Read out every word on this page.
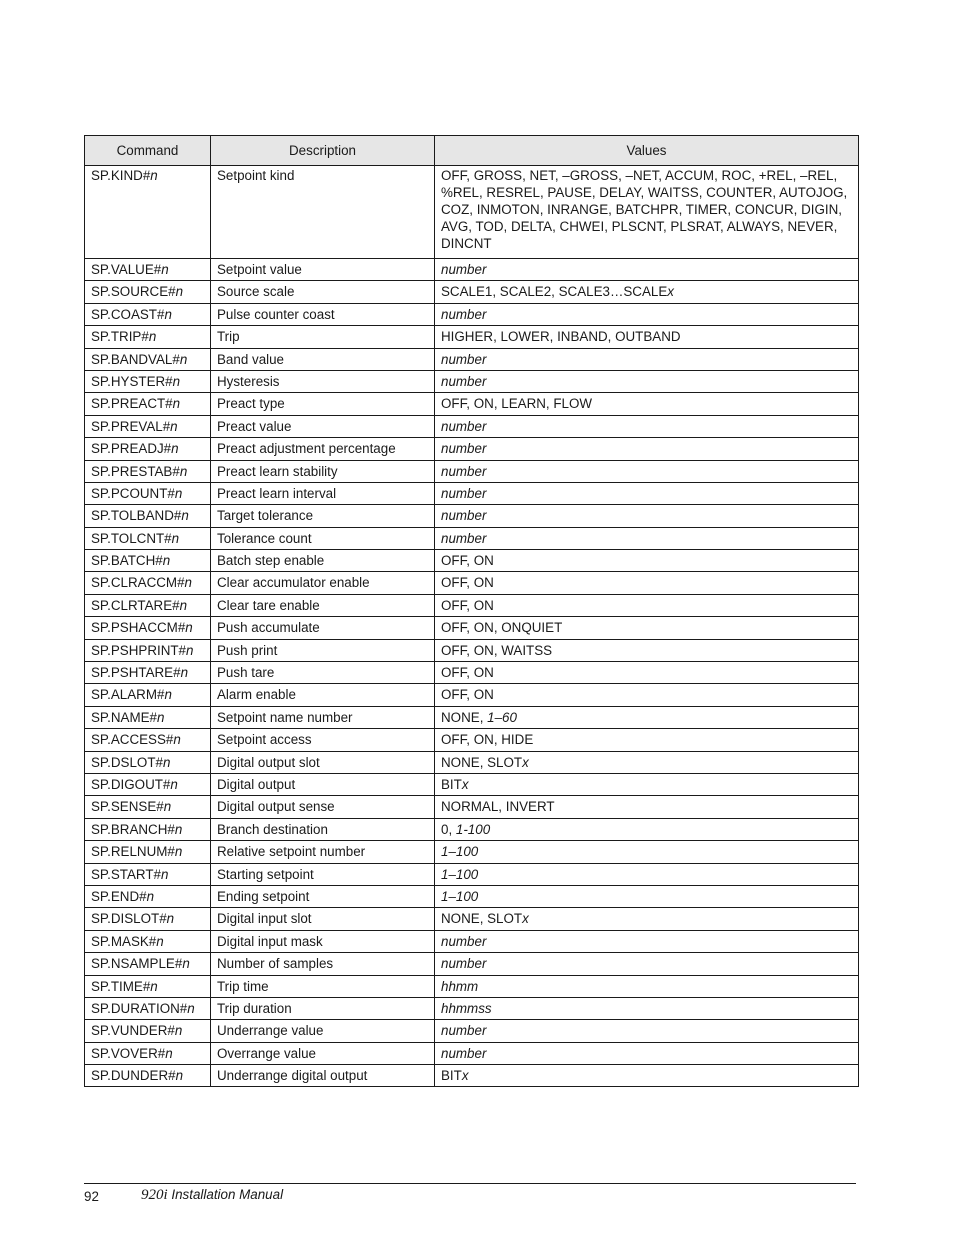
Command	Description	Values
SP.KIND#n	Setpoint kind	OFF, GROSS, NET, –GROSS, –NET, ACCUM, ROC, +REL, –REL, %REL, RESREL, PAUSE, DELAY, WAITSS, COUNTER, AUTOJOG, COZ, INMOTON, INRANGE, BATCHPR, TIMER, CONCUR, DIGIN, AVG, TOD, DELTA, CHWEI, PLSCNT, PLSRAT, ALWAYS, NEVER, DINCNT
SP.VALUE#n	Setpoint value	number
SP.SOURCE#n	Source scale	SCALE1, SCALE2, SCALE3…SCALEx
SP.COAST#n	Pulse counter coast	number
SP.TRIP#n	Trip	HIGHER, LOWER, INBAND, OUTBAND
SP.BANDVAL#n	Band value	number
SP.HYSTER#n	Hysteresis	number
SP.PREACT#n	Preact type	OFF, ON, LEARN, FLOW
SP.PREVAL#n	Preact value	number
SP.PREADJ#n	Preact adjustment percentage	number
SP.PRESTAB#n	Preact learn stability	number
SP.PCOUNT#n	Preact learn interval	number
SP.TOLBAND#n	Target tolerance	number
SP.TOLCNT#n	Tolerance count	number
SP.BATCH#n	Batch step enable	OFF, ON
SP.CLRACCM#n	Clear accumulator enable	OFF, ON
SP.CLRTARE#n	Clear tare enable	OFF, ON
SP.PSHACCM#n	Push accumulate	OFF, ON, ONQUIET
SP.PSHPRINT#n	Push print	OFF, ON, WAITSS
SP.PSHTARE#n	Push tare	OFF, ON
SP.ALARM#n	Alarm enable	OFF, ON
SP.NAME#n	Setpoint name number	NONE, 1–60
SP.ACCESS#n	Setpoint access	OFF, ON, HIDE
SP.DSLOT#n	Digital output slot	NONE, SLOTx
SP.DIGOUT#n	Digital output	BITx
SP.SENSE#n	Digital output sense	NORMAL, INVERT
SP.BRANCH#n	Branch destination	0, 1-100
SP.RELNUM#n	Relative setpoint number	1–100
SP.START#n	Starting setpoint	1–100
SP.END#n	Ending setpoint	1–100
SP.DISLOT#n	Digital input slot	NONE, SLOTx
SP.MASK#n	Digital input mask	number
SP.NSAMPLE#n	Number of samples	number
SP.TIME#n	Trip time	hhmm
SP.DURATION#n	Trip duration	hhmmss
SP.VUNDER#n	Underrange value	number
SP.VOVER#n	Overrange value	number
SP.DUNDER#n	Underrange digital output	BITx
92	920i Installation Manual
